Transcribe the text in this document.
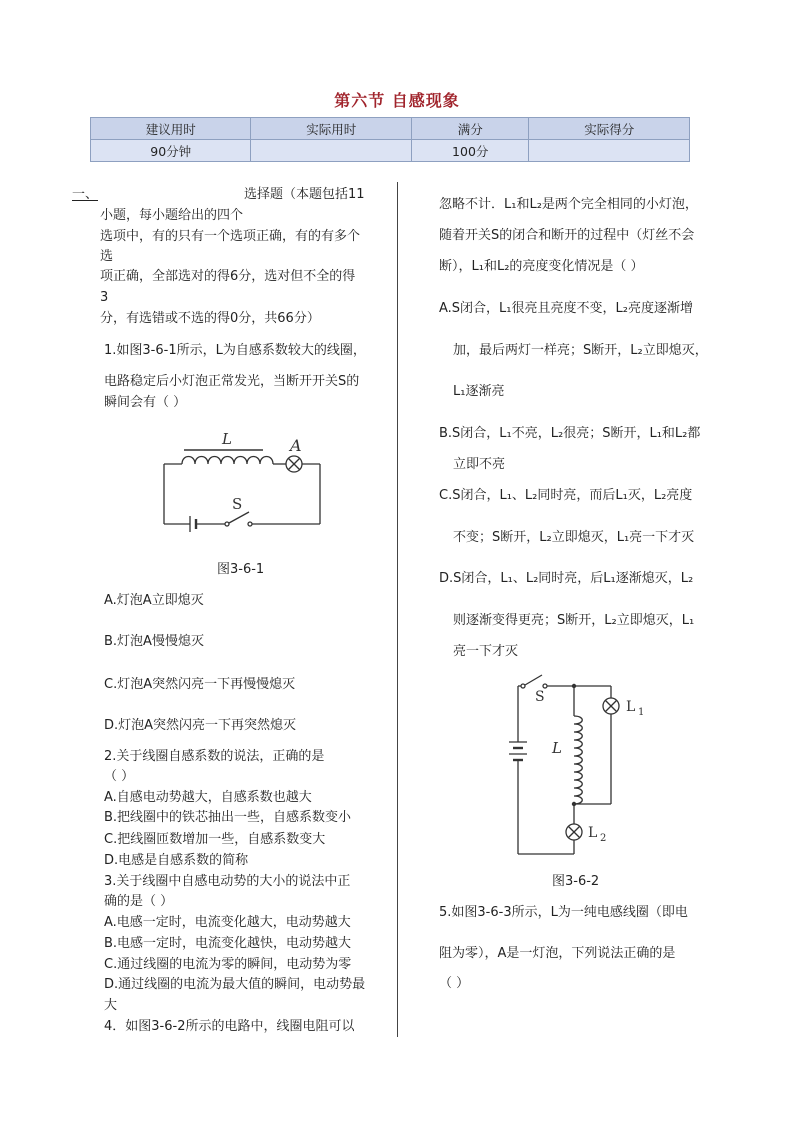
第六节 自感现象
建议用时	实际用时	满分	实际得分
90分钟		100分	
一、	选择题（本题包括11
小题，每小题给出的四个
选项中，有的只有一个选项正确，有的有多个
选
项正确，全部选对的得6分，选对但不全的得
3
分，有选错或不选的得0分，共66分）
1.如图3-6-1所示，L为自感系数较大的线圈，
电路稳定后小灯泡正常发光，当断开开关S的
瞬间会有（ ）
L	A
S
图3-6-1
A.灯泡A立即熄灭
B.灯泡A慢慢熄灭
C.灯泡A突然闪亮一下再慢慢熄灭
D.灯泡A突然闪亮一下再突然熄灭
2.关于线圈自感系数的说法，正确的是
（ ）
A.自感电动势越大，自感系数也越大
B.把线圈中的铁芯抽出一些，自感系数变小
C.把线圈匝数增加一些，自感系数变大
D.电感是自感系数的简称
3.关于线圈中自感电动势的大小的说法中正
确的是（ ）
A.电感一定时，电流变化越大，电动势越大
B.电感一定时，电流变化越快，电动势越大
C.通过线圈的电流为零的瞬间，电动势为零
D.通过线圈的电流为最大值的瞬间，电动势最
大
4．如图3-6-2所示的电路中，线圈电阻可以
忽略不计．L₁和L₂是两个完全相同的小灯泡，
随着开关S的闭合和断开的过程中（灯丝不会
断），L₁和L₂的亮度变化情况是（ ）
A.S闭合，L₁很亮且亮度不变，L₂亮度逐渐增
加，最后两灯一样亮；S断开，L₂立即熄灭，
L₁逐渐亮
B.S闭合，L₁不亮，L₂很亮；S断开，L₁和L₂都
立即不亮
C.S闭合，L₁、L₂同时亮，而后L₁灭，L₂亮度
不变；S断开，L₂立即熄灭，L₁亮一下才灭
D.S闭合，L₁、L₂同时亮，后L₁逐渐熄灭，L₂
则逐渐变得更亮；S断开，L₂立即熄灭，L₁
亮一下才灭
S
L
L 1
L 2
图3-6-2
5.如图3-6-3所示，L为一纯电感线圈（即电
阻为零），A是一灯泡，下列说法正确的是
（ ）
